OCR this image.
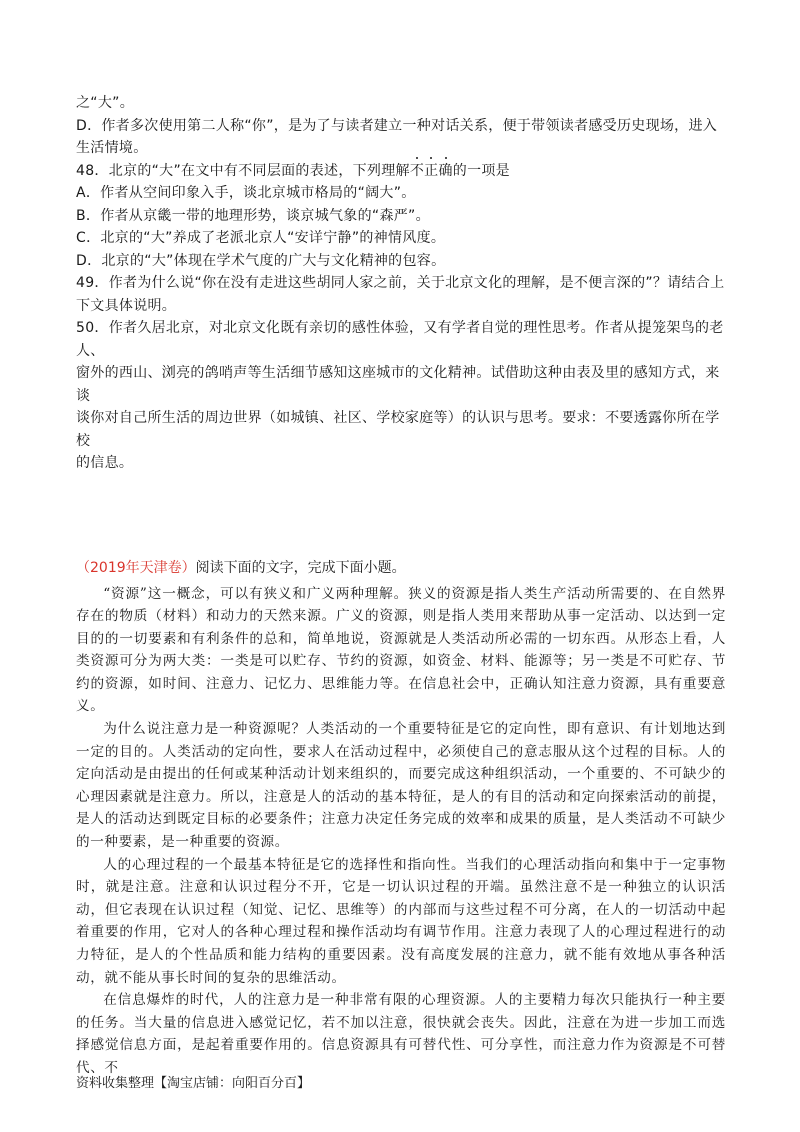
之“大”。

D．作者多次使用第二人称“你”，是为了与读者建立一种对话关系，便于带领读者感受历史现场，进入

生活情境。

48．北京的“大”在文中有不同层面的表述，下列理解不正确的一项是

A．作者从空间印象入手，谈北京城市格局的“阔大”。

B．作者从京畿一带的地理形势，谈京城气象的“森严”。

C．北京的“大”养成了老派北京人“安详宁静”的神情风度。

D．北京的“大”体现在学术气度的广大与文化精神的包容。

49．作者为什么说“你在没有走进这些胡同人家之前，关于北京文化的理解，是不便言深的”？请结合上

下文具体说明。

50．作者久居北京，对北京文化既有亲切的感性体验，又有学者自觉的理性思考。作者从提笼架鸟的老人、

窗外的西山、浏亮的鸽哨声等生活细节感知这座城市的文化精神。试借助这种由表及里的感知方式，来谈

谈你对自己所生活的周边世界（如城镇、社区、学校家庭等）的认识与思考。要求：不要透露你所在学校

的信息。

（2019年天津卷）阅读下面的文字，完成下面小题。

“资源”这一概念，可以有狭义和广义两种理解。狭义的资源是指人类生产活动所需要的、在自然界存在的物质（材料）和动力的天然来源。广义的资源，则是指人类用来帮助从事一定活动、以达到一定目的的一切要素和有利条件的总和，简单地说，资源就是人类活动所必需的一切东西。从形态上看，人类资源可分为两大类：一类是可以贮存、节约的资源，如资金、材料、能源等；另一类是不可贮存、节约的资源，如时间、注意力、记忆力、思维能力等。在信息社会中，正确认知注意力资源，具有重要意义。

为什么说注意力是一种资源呢？人类活动的一个重要特征是它的定向性，即有意识、有计划地达到一定的目的。人类活动的定向性，要求人在活动过程中，必须使自己的意志服从这个过程的目标。人的定向活动是由提出的任何或某种活动计划来组织的，而要完成这种组织活动，一个重要的、不可缺少的心理因素就是注意力。所以，注意是人的活动的基本特征，是人的有目的活动和定向探索活动的前提，是人的活动达到既定目标的必要条件；注意力决定任务完成的效率和成果的质量，是人类活动不可缺少的一种要素，是一种重要的资源。

人的心理过程的一个最基本特征是它的选择性和指向性。当我们的心理活动指向和集中于一定事物时，就是注意。注意和认识过程分不开，它是一切认识过程的开端。虽然注意不是一种独立的认识活动，但它表现在认识过程（知觉、记忆、思维等）的内部而与这些过程不可分离，在人的一切活动中起着重要的作用，它对人的各种心理过程和操作活动均有调节作用。注意力表现了人的心理过程进行的动力特征，是人的个性品质和能力结构的重要因素。没有高度发展的注意力，就不能有效地从事各种活动，就不能从事长时间的复杂的思维活动。

在信息爆炸的时代，人的注意力是一种非常有限的心理资源。人的主要精力每次只能执行一种主要的任务。当大量的信息进入感觉记忆，若不加以注意，很快就会丧失。因此，注意在为进一步加工而选择感觉信息方面，是起着重要作用的。信息资源具有可替代性、可分享性，而注意力作为资源是不可替代、不

资料收集整理【淘宝店铺：向阳百分百】
